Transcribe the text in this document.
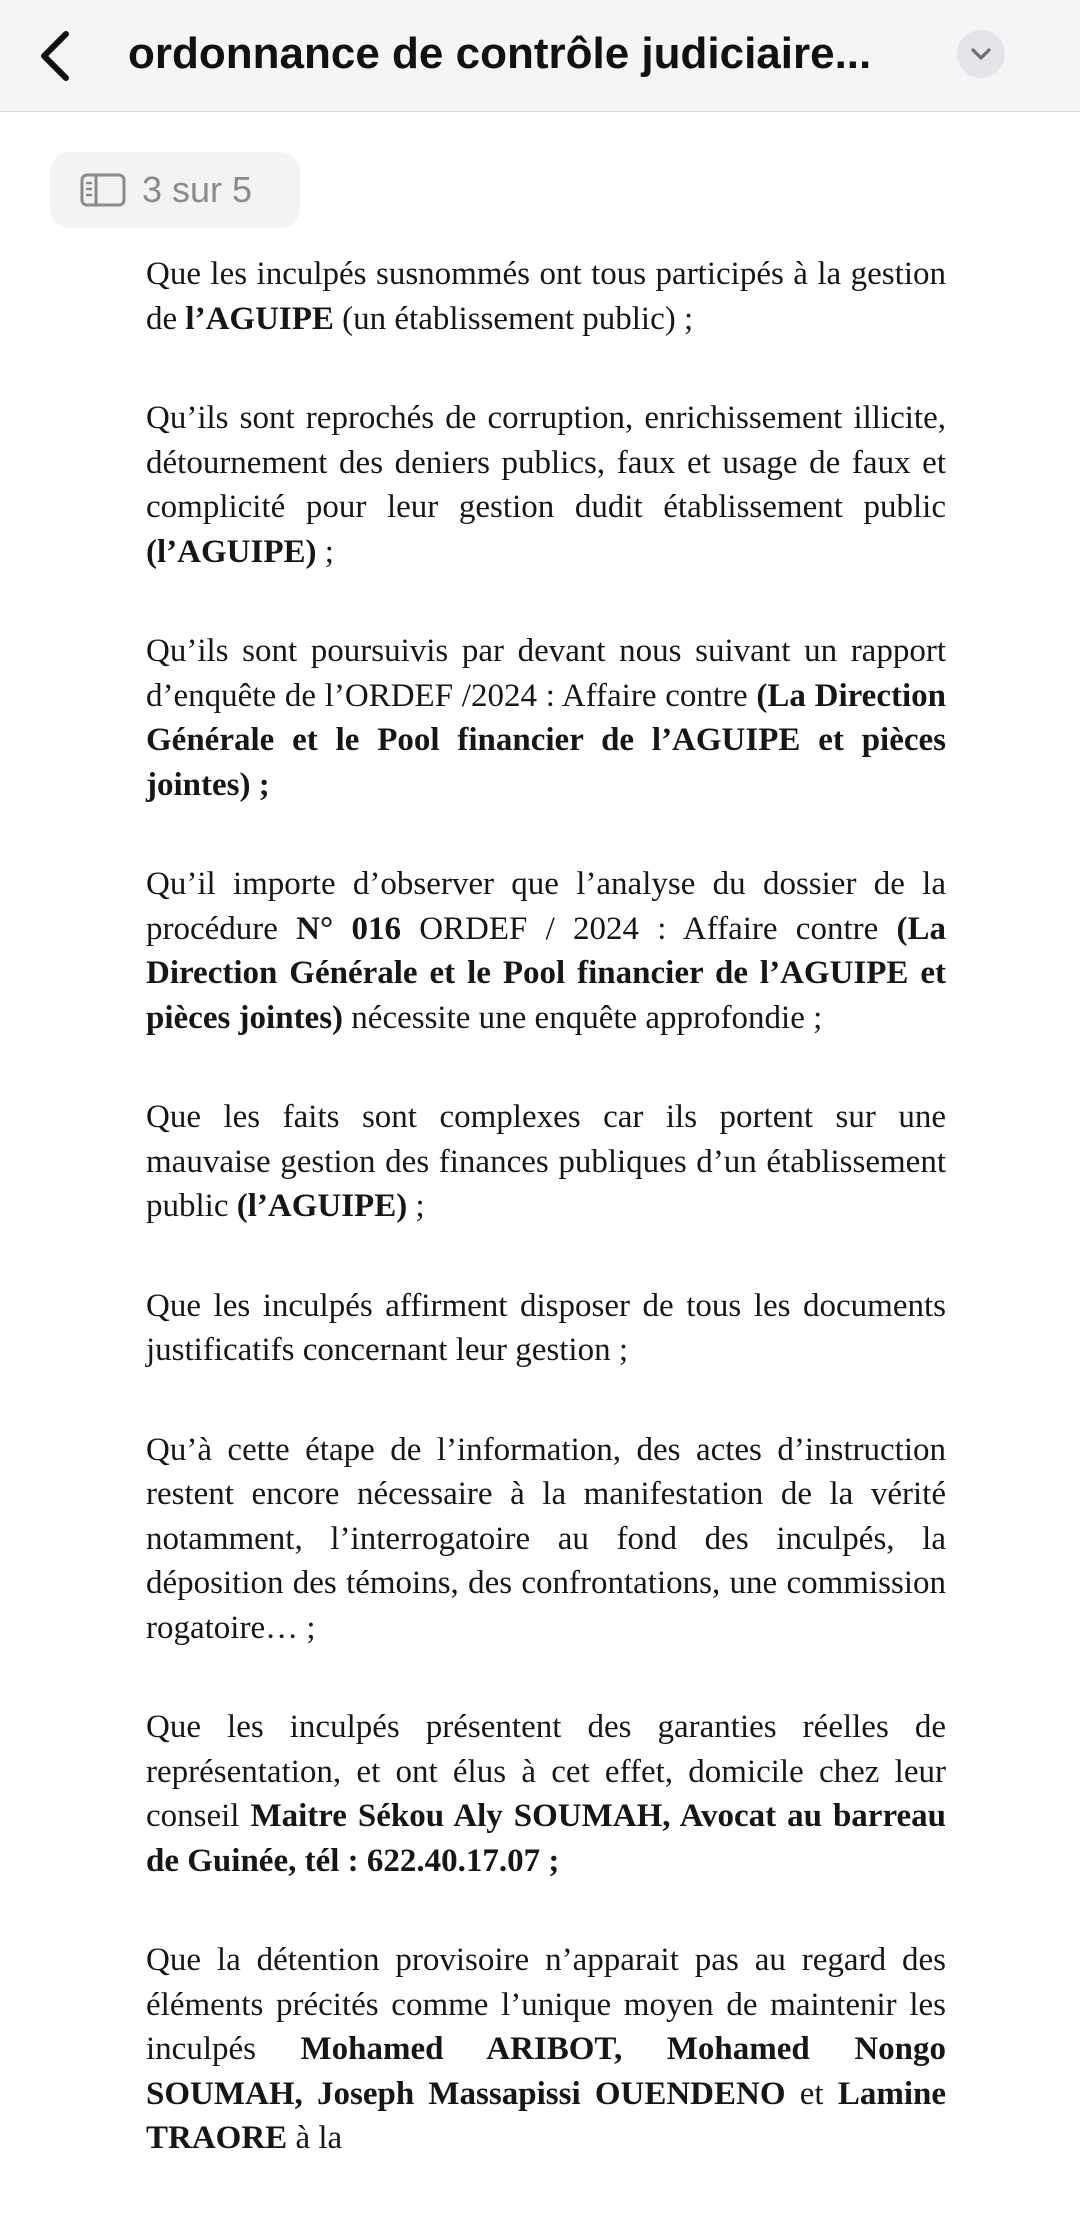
ordonnance de contrôle judiciaire...
3 sur 5

Que les inculpés susnommés ont tous participés à la gestion de l’AGUIPE (un établissement public) ;

Qu’ils sont reprochés de corruption, enrichissement illicite, détournement des deniers publics, faux et usage de faux et complicité pour leur gestion dudit établissement public (l’AGUIPE) ;

Qu’ils sont poursuivis par devant nous suivant un rapport d’enquête de l’ORDEF /2024 : Affaire contre (La Direction Générale et le Pool financier de l’AGUIPE et pièces jointes) ;

Qu’il importe d’observer que l’analyse du dossier de la procédure N° 016 ORDEF / 2024 : Affaire contre (La Direction Générale et le Pool financier de l’AGUIPE et pièces jointes) nécessite une enquête approfondie ;

Que les faits sont complexes car ils portent sur une mauvaise gestion des finances publiques d’un établissement public (l’AGUIPE) ;

Que les inculpés affirment disposer de tous les documents justificatifs concernant leur gestion ;

Qu’à cette étape de l’information, des actes d’instruction restent encore nécessaire à la manifestation de la vérité notamment, l’interrogatoire au fond des inculpés, la déposition des témoins, des confrontations, une commission rogatoire… ;

Que les inculpés présentent des garanties réelles de représentation, et ont élus à cet effet, domicile chez leur conseil Maitre Sékou Aly SOUMAH, Avocat au barreau de Guinée, tél : 622.40.17.07 ;

Que la détention provisoire n’apparait pas au regard des éléments précités comme l’unique moyen de maintenir les inculpés Mohamed ARIBOT, Mohamed Nongo SOUMAH, Joseph Massapissi OUENDENO et Lamine TRAORE à la
